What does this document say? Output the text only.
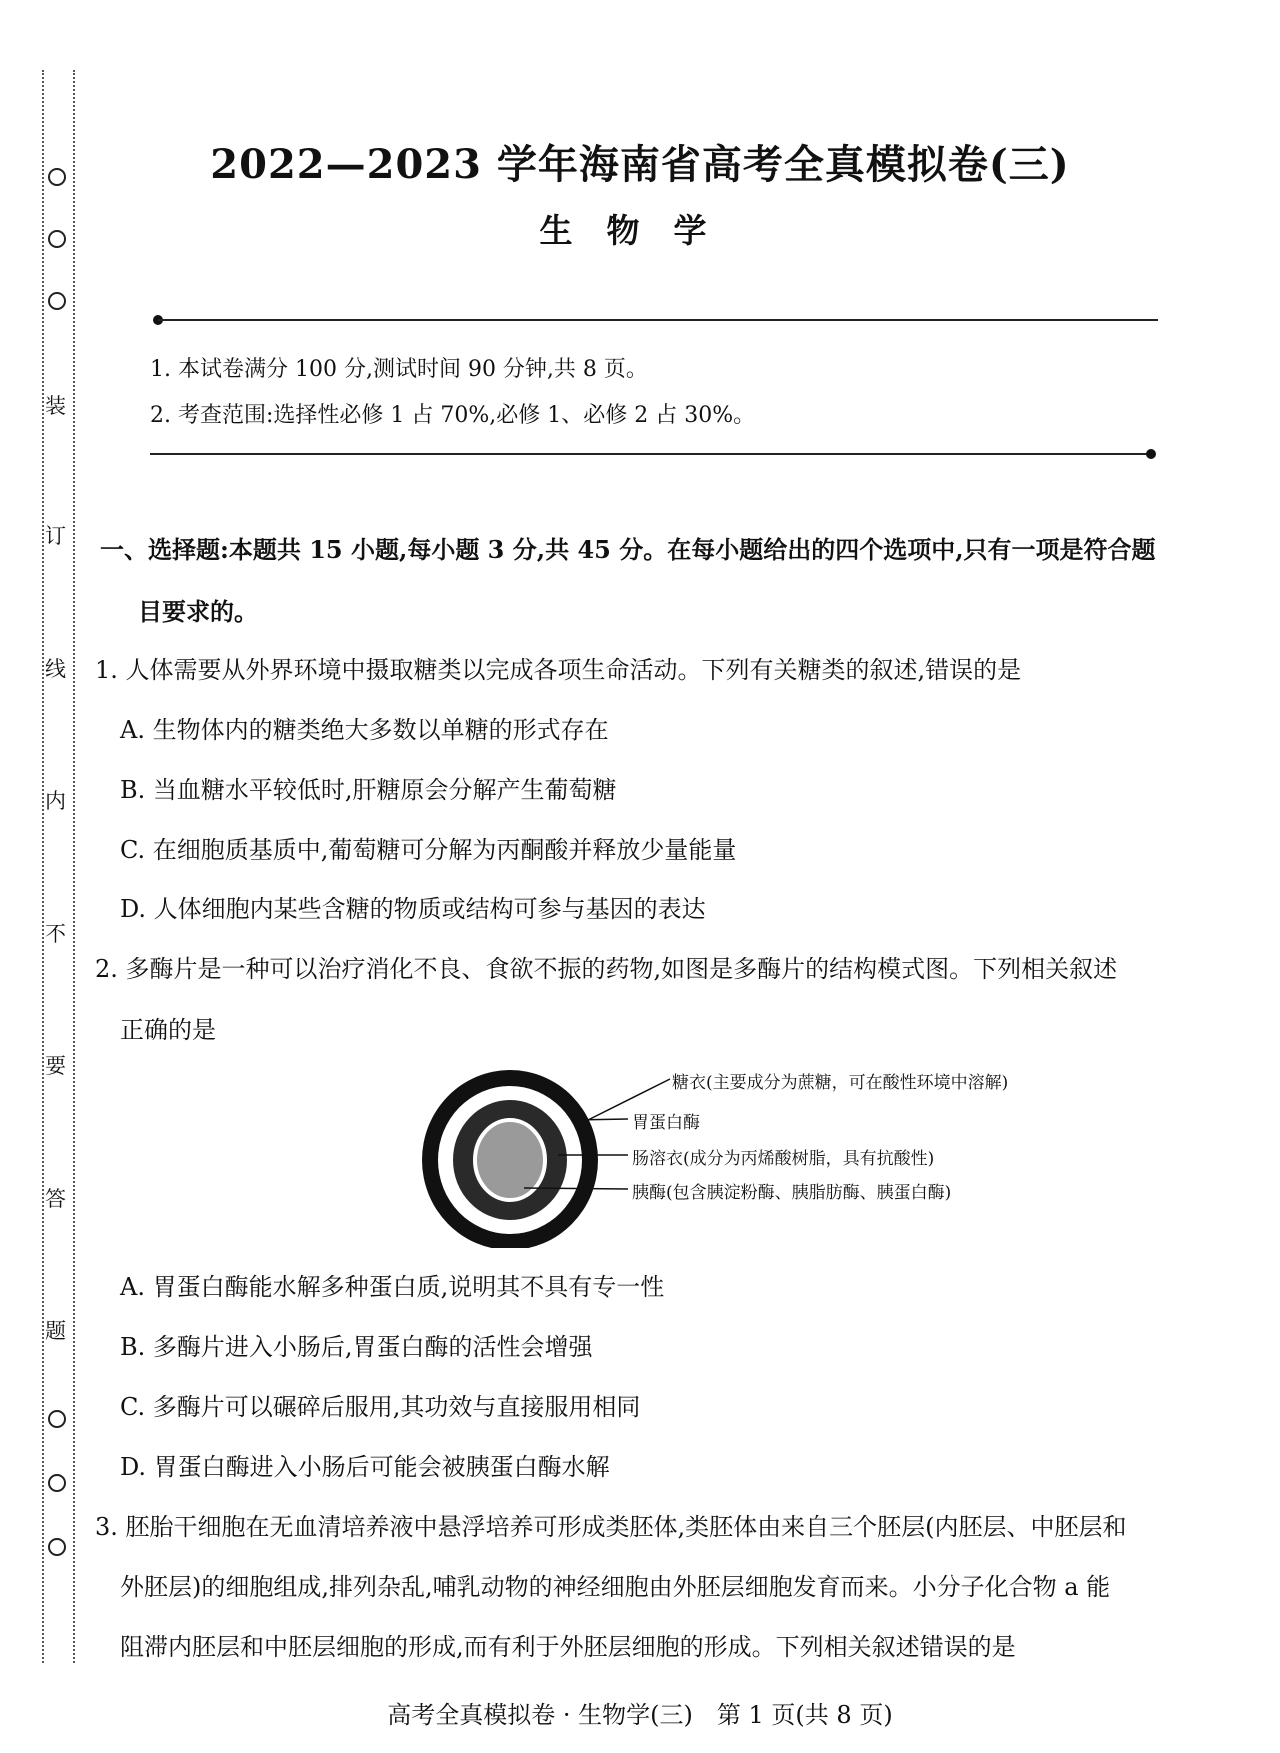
装
订
线
内
不
要
答
题
2022—2023 学年海南省高考全真模拟卷(三)
生物学
1. 本试卷满分 100 分,测试时间 90 分钟,共 8 页。
2. 考查范围:选择性必修 1 占 70%,必修 1、必修 2 占 30%。
一、选择题:本题共 15 小题,每小题 3 分,共 45 分。在每小题给出的四个选项中,只有一项是符合题
目要求的。
1. 人体需要从外界环境中摄取糖类以完成各项生命活动。下列有关糖类的叙述,错误的是
A. 生物体内的糖类绝大多数以单糖的形式存在
B. 当血糖水平较低时,肝糖原会分解产生葡萄糖
C. 在细胞质基质中,葡萄糖可分解为丙酮酸并释放少量能量
D. 人体细胞内某些含糖的物质或结构可参与基因的表达
2. 多酶片是一种可以治疗消化不良、食欲不振的药物,如图是多酶片的结构模式图。下列相关叙述
正确的是
糖衣(主要成分为蔗糖，可在酸性环境中溶解)
胃蛋白酶
肠溶衣(成分为丙烯酸树脂，具有抗酸性)
胰酶(包含胰淀粉酶、胰脂肪酶、胰蛋白酶)
A. 胃蛋白酶能水解多种蛋白质,说明其不具有专一性
B. 多酶片进入小肠后,胃蛋白酶的活性会增强
C. 多酶片可以碾碎后服用,其功效与直接服用相同
D. 胃蛋白酶进入小肠后可能会被胰蛋白酶水解
3. 胚胎干细胞在无血清培养液中悬浮培养可形成类胚体,类胚体由来自三个胚层(内胚层、中胚层和
外胚层)的细胞组成,排列杂乱,哺乳动物的神经细胞由外胚层细胞发育而来。小分子化合物 a 能
阻滞内胚层和中胚层细胞的形成,而有利于外胚层细胞的形成。下列相关叙述错误的是
高考全真模拟卷 · 生物学(三)　第 1 页(共 8 页)
